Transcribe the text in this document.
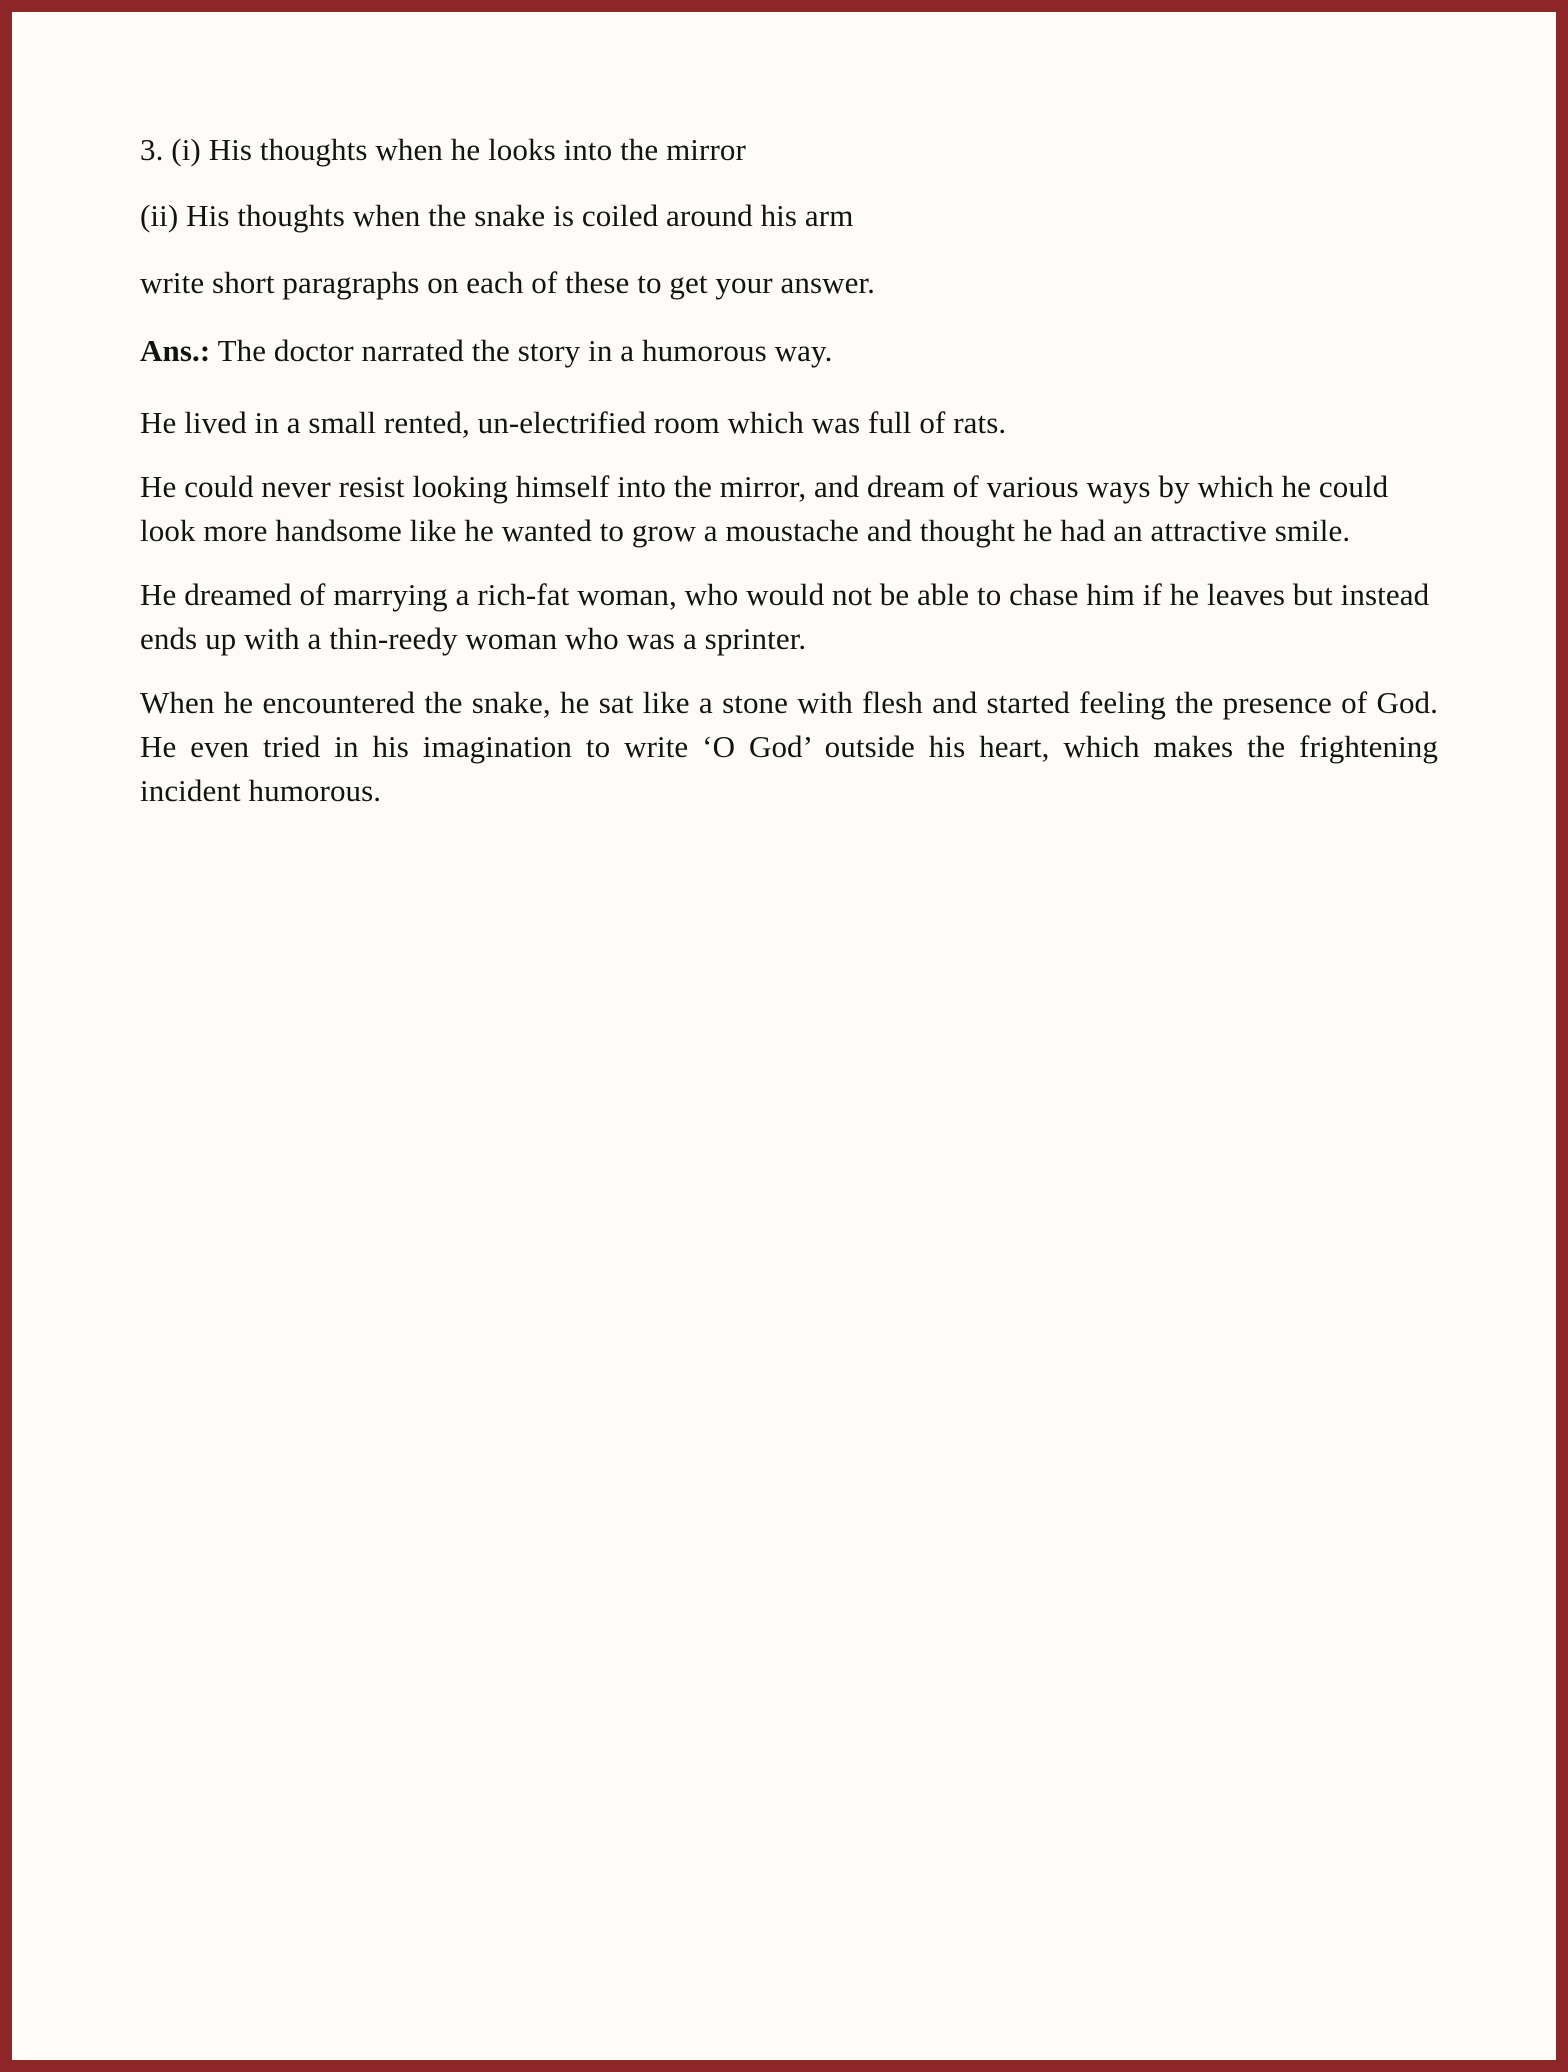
3. (i) His thoughts when he looks into the mirror

(ii) His thoughts when the snake is coiled around his arm

write short paragraphs on each of these to get your answer.

Ans.: The doctor narrated the story in a humorous way.

He lived in a small rented, un-electrified room which was full of rats.

He could never resist looking himself into the mirror, and dream of various ways by which he could look more handsome like he wanted to grow a moustache and thought he had an attractive smile.

He dreamed of marrying a rich-fat woman, who would not be able to chase him if he leaves but instead ends up with a thin-reedy woman who was a sprinter.

When he encountered the snake, he sat like a stone with flesh and started feeling the presence of God. He even tried in his imagination to write ‘O God’ outside his heart, which makes the frightening incident humorous.
